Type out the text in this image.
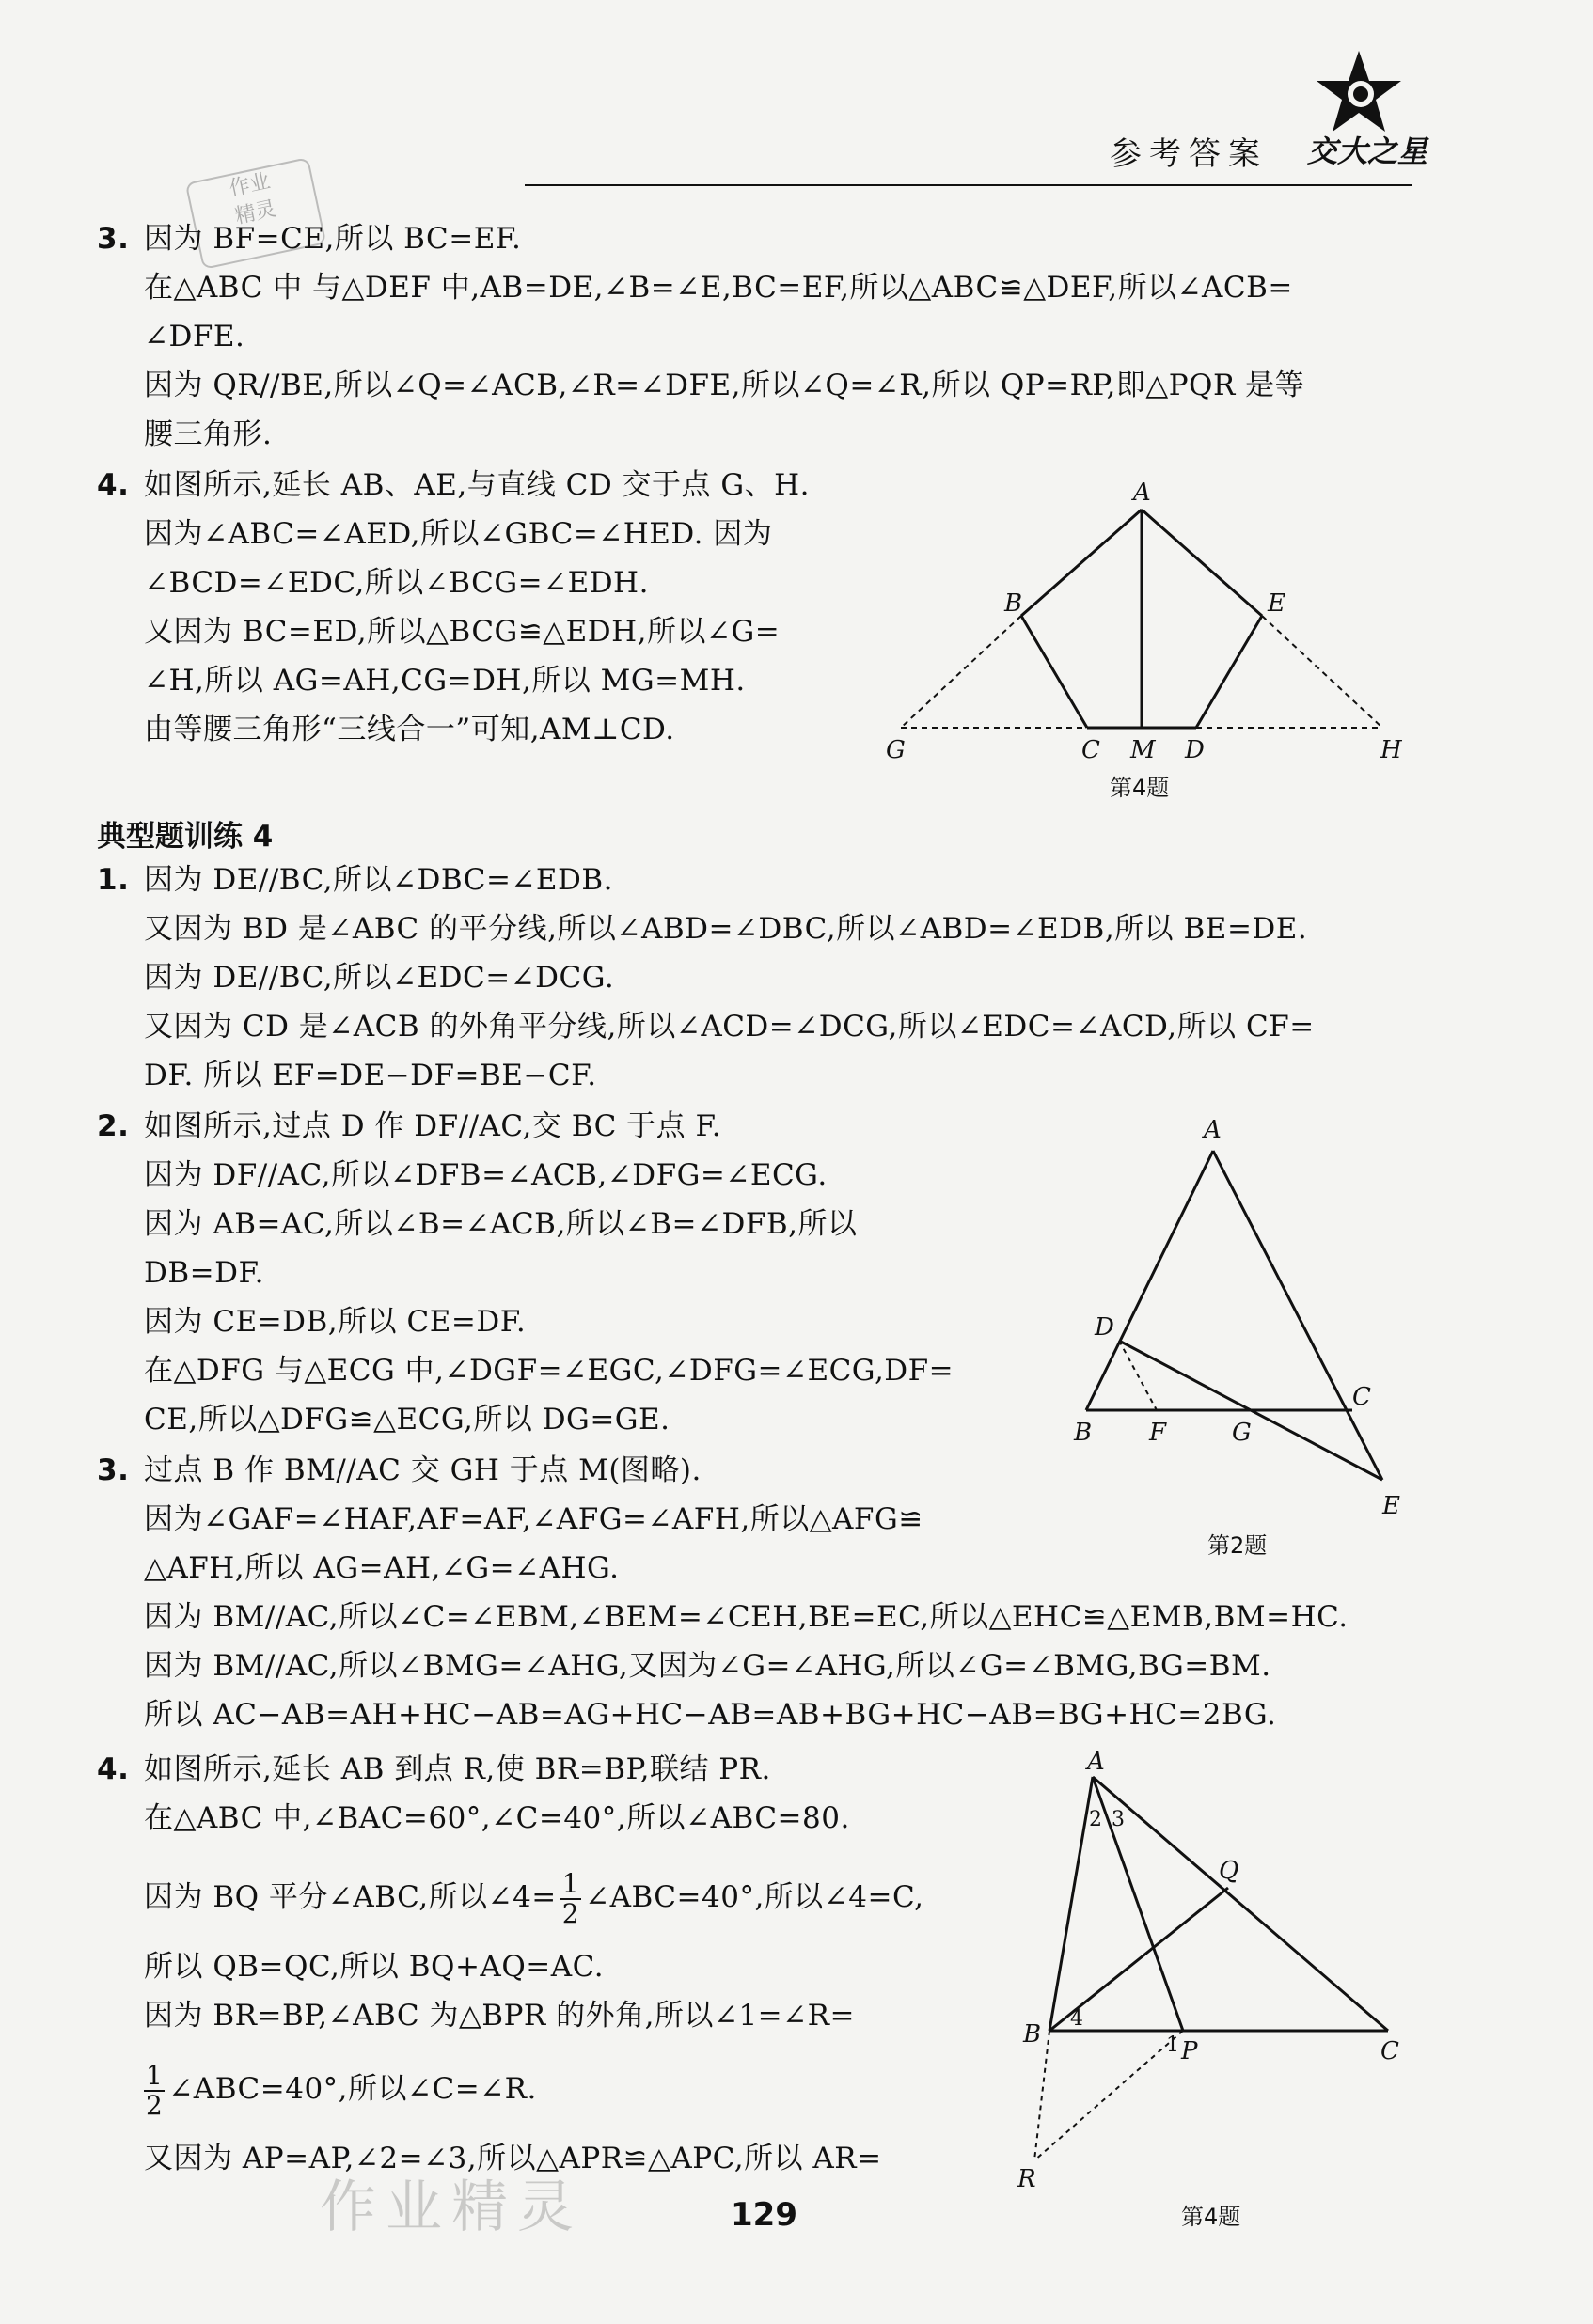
参考答案 交大之星
作业
精灵
3. 因为 BF=CE,所以 BC=EF.
在△ABC 中 与△DEF 中,AB=DE,∠B=∠E,BC=EF,所以△ABC≌△DEF,所以∠ACB=
∠DFE.
因为 QR//BE,所以∠Q=∠ACB,∠R=∠DFE,所以∠Q=∠R,所以 QP=RP,即△PQR 是等
腰三角形.
4. 如图所示,延长 AB、AE,与直线 CD 交于点 G、H.
因为∠ABC=∠AED,所以∠GBC=∠HED. 因为
∠BCD=∠EDC,所以∠BCG=∠EDH.
又因为 BC=ED,所以△BCG≌△EDH,所以∠G=
∠H,所以 AG=AH,CG=DH,所以 MG=MH.
由等腰三角形“三线合一”可知,AM⊥CD.
A
B	E
G	C M D	H
第4题
典型题训练 4
1. 因为 DE//BC,所以∠DBC=∠EDB.
又因为 BD 是∠ABC 的平分线,所以∠ABD=∠DBC,所以∠ABD=∠EDB,所以 BE=DE.
因为 DE//BC,所以∠EDC=∠DCG.
又因为 CD 是∠ACB 的外角平分线,所以∠ACD=∠DCG,所以∠EDC=∠ACD,所以 CF=
DF. 所以 EF=DE−DF=BE−CF.
2. 如图所示,过点 D 作 DF//AC,交 BC 于点 F.
因为 DF//AC,所以∠DFB=∠ACB,∠DFG=∠ECG.
因为 AB=AC,所以∠B=∠ACB,所以∠B=∠DFB,所以
DB=DF.
因为 CE=DB,所以 CE=DF.
在△DFG 与△ECG 中,∠DGF=∠EGC,∠DFG=∠ECG,DF=
CE,所以△DFG≌△ECG,所以 DG=GE.
A
D
B F	G
C
E
第2题
3. 过点 B 作 BM//AC 交 GH 于点 M(图略).
因为∠GAF=∠HAF,AF=AF,∠AFG=∠AFH,所以△AFG≌
△AFH,所以 AG=AH,∠G=∠AHG.
因为 BM//AC,所以∠C=∠EBM,∠BEM=∠CEH,BE=EC,所以△EHC≌△EMB,BM=HC.
因为 BM//AC,所以∠BMG=∠AHG,又因为∠G=∠AHG,所以∠G=∠BMG,BG=BM.
所以 AC−AB=AH+HC−AB=AG+HC−AB=AB+BG+HC−AB=BG+HC=2BG.
4. 如图所示,延长 AB 到点 R,使 BR=BP,联结 PR.
在△ABC 中,∠BAC=60°,∠C=40°,所以∠ABC=80.
因为 BQ 平分∠ABC,所以∠4= $\frac{1}{2}$ ∠ABC=40°,所以∠4=C,
所以 QB=QC,所以 BQ+AQ=AC.
因为 BR=BP,∠ABC 为△BPR 的外角,所以∠1=∠R=
$\frac{1}{2}$ ∠ABC=40°,所以∠C=∠R.
又因为 AP=AP,∠2=∠3,所以△APR≌△APC,所以 AR=
A
2 3
Q
B
4
1 P	C
R
第4题
作业精灵	129
